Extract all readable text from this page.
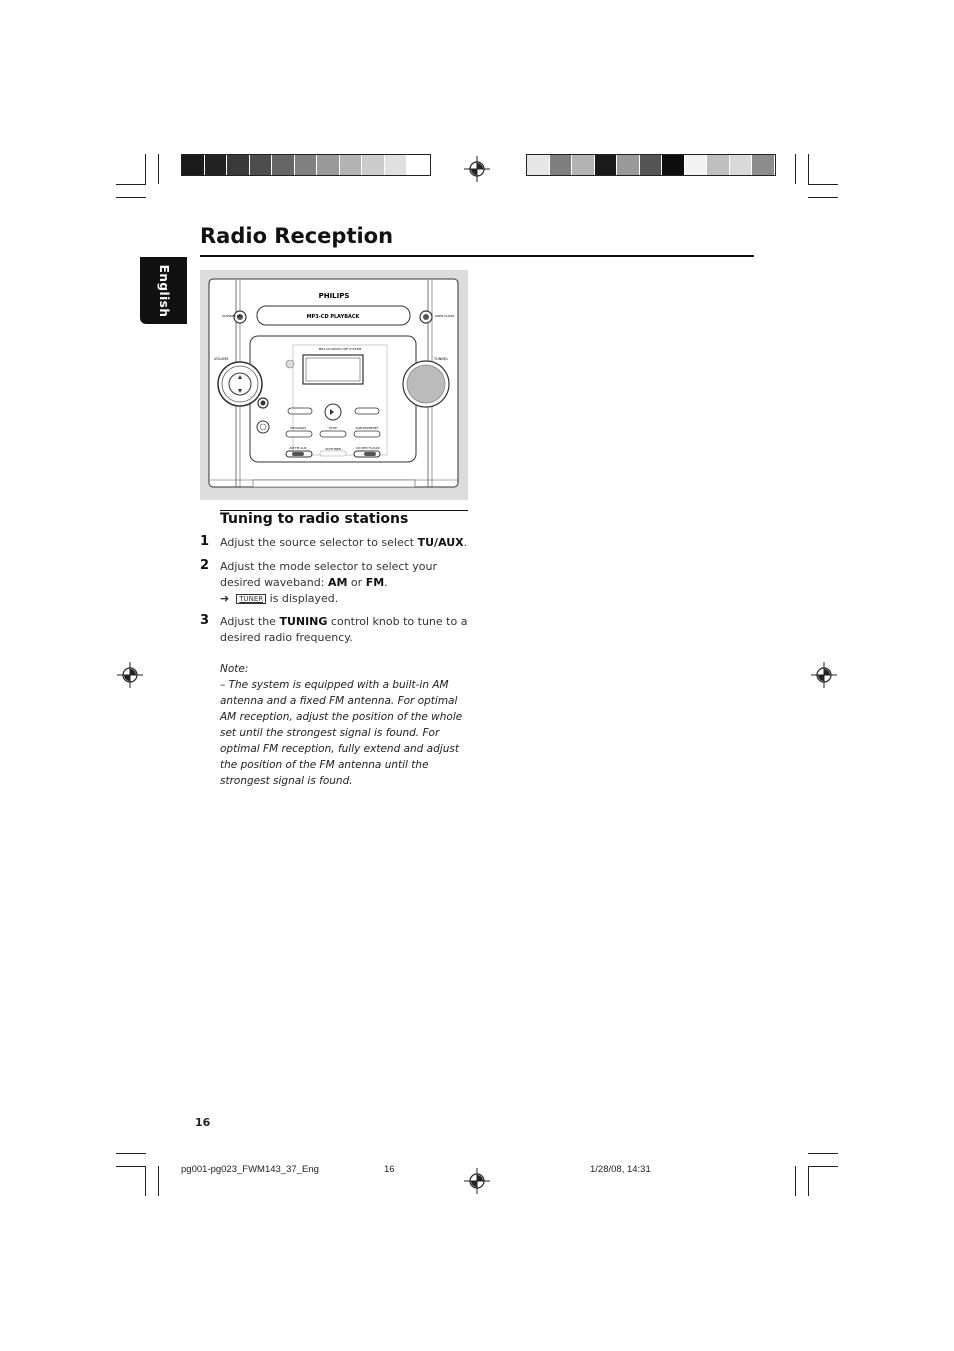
Radio Reception
English	PHILIPS
MP3-CD PLAYBACK
STANDBY ON	OPEN CLOSE
MP3-CD MICRO HIFI SYSTEM
VOLUME	TUNING
PROGRAM	STOP	ALBUM/PRESET
AM FM AUX	CD/TUNER	CD MP3 TU/AUX
Tuning to radio stations
1 Adjust the source selector to select TU/AUX.
2 Adjust the mode selector to select your desired waveband: AM or FM.
➜ TUNER is displayed.
3 Adjust the TUNING control knob to tune to a desired radio frequency.
Note:
– The system is equipped with a built-in AM antenna and a fixed FM antenna. For optimal AM reception, adjust the position of the whole set until the strongest signal is found. For optimal FM reception, fully extend and adjust the position of the FM antenna until the strongest signal is found.
16
pg001-pg023_FWM143_37_Eng	16	1/28/08, 14:31
